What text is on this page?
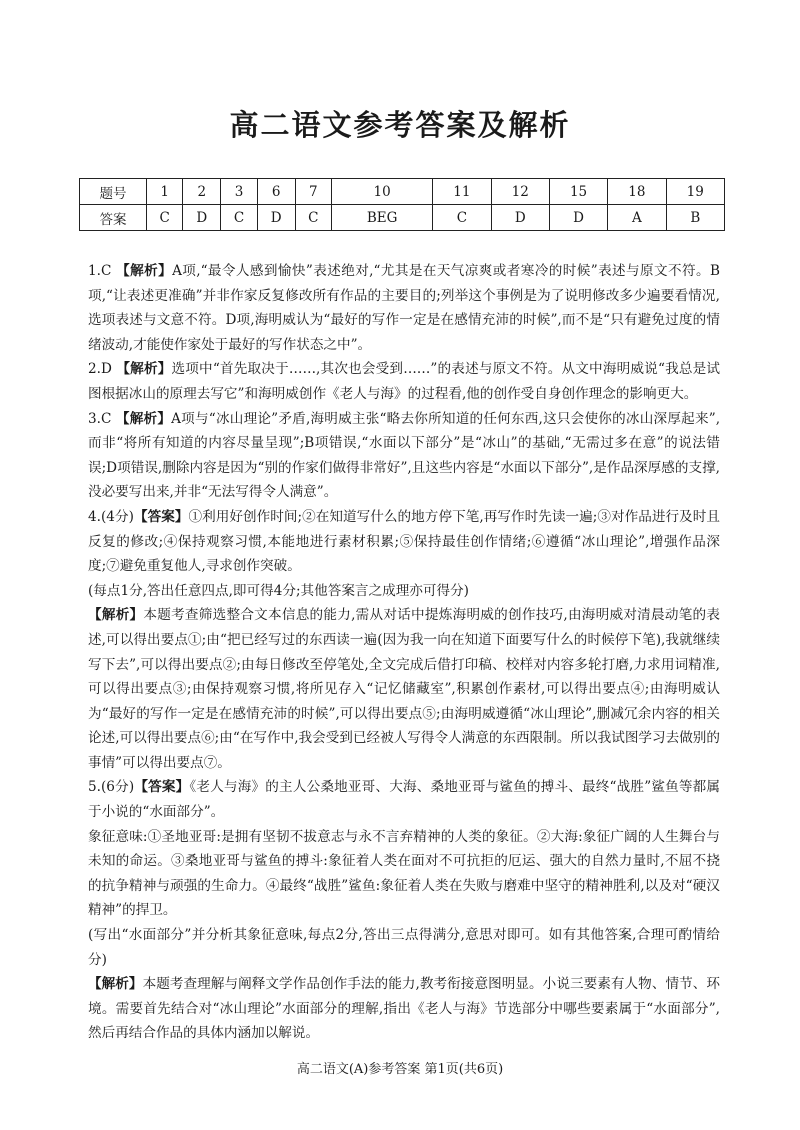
高二语文参考答案及解析
题号	1	2	3	6	7	10	11	12	15	18	19
答案	C	D	C	D	C	BEG	C	D	D	A	B

1.C 【解析】A项,“最令人感到愉快”表述绝对,“尤其是在天气凉爽或者寒冷的时候”表述与原文不符。B项,“让表述更准确”并非作家反复修改所有作品的主要目的;列举这个事例是为了说明修改多少遍要看情况,选项表述与文意不符。D项,海明威认为“最好的写作一定是在感情充沛的时候”,而不是“只有避免过度的情绪波动,才能使作家处于最好的写作状态之中”。

2.D 【解析】选项中“首先取决于……,其次也会受到……”的表述与原文不符。从文中海明威说“我总是试图根据冰山的原理去写它”和海明威创作《老人与海》的过程看,他的创作受自身创作理念的影响更大。

3.C 【解析】A项与“冰山理论”矛盾,海明威主张“略去你所知道的任何东西,这只会使你的冰山深厚起来”,而非“将所有知道的内容尽量呈现”;B项错误,“水面以下部分”是“冰山”的基础,“无需过多在意”的说法错误;D项错误,删除内容是因为“别的作家们做得非常好”,且这些内容是“水面以下部分”,是作品深厚感的支撑,没必要写出来,并非“无法写得令人满意”。

4.(4分)【答案】①利用好创作时间;②在知道写什么的地方停下笔,再写作时先读一遍;③对作品进行及时且反复的修改;④保持观察习惯,本能地进行素材积累;⑤保持最佳创作情绪;⑥遵循“冰山理论”,增强作品深度;⑦避免重复他人,寻求创作突破。

(每点1分,答出任意四点,即可得4分;其他答案言之成理亦可得分)

【解析】本题考查筛选整合文本信息的能力,需从对话中提炼海明威的创作技巧,由海明威对清晨动笔的表述,可以得出要点①;由“把已经写过的东西读一遍(因为我一向在知道下面要写什么的时候停下笔),我就继续写下去”,可以得出要点②;由每日修改至停笔处,全文完成后借打印稿、校样对内容多轮打磨,力求用词精准,可以得出要点③;由保持观察习惯,将所见存入“记忆储藏室”,积累创作素材,可以得出要点④;由海明威认为“最好的写作一定是在感情充沛的时候”,可以得出要点⑤;由海明威遵循“冰山理论”,删减冗余内容的相关论述,可以得出要点⑥;由“在写作中,我会受到已经被人写得令人满意的东西限制。所以我试图学习去做别的事情”可以得出要点⑦。

5.(6分)【答案】《老人与海》的主人公桑地亚哥、大海、桑地亚哥与鲨鱼的搏斗、最终“战胜”鲨鱼等都属于小说的“水面部分”。

象征意味:①圣地亚哥:是拥有坚韧不拔意志与永不言弃精神的人类的象征。②大海:象征广阔的人生舞台与未知的命运。③桑地亚哥与鲨鱼的搏斗:象征着人类在面对不可抗拒的厄运、强大的自然力量时,不屈不挠的抗争精神与顽强的生命力。④最终“战胜”鲨鱼:象征着人类在失败与磨难中坚守的精神胜利,以及对“硬汉精神”的捍卫。

(写出“水面部分”并分析其象征意味,每点2分,答出三点得满分,意思对即可。如有其他答案,合理可酌情给分)

【解析】本题考查理解与阐释文学作品创作手法的能力,教考衔接意图明显。小说三要素有人物、情节、环境。需要首先结合对“冰山理论”水面部分的理解,指出《老人与海》节选部分中哪些要素属于“水面部分”,然后再结合作品的具体内涵加以解说。

高二语文(A)参考答案 第1页(共6页)
